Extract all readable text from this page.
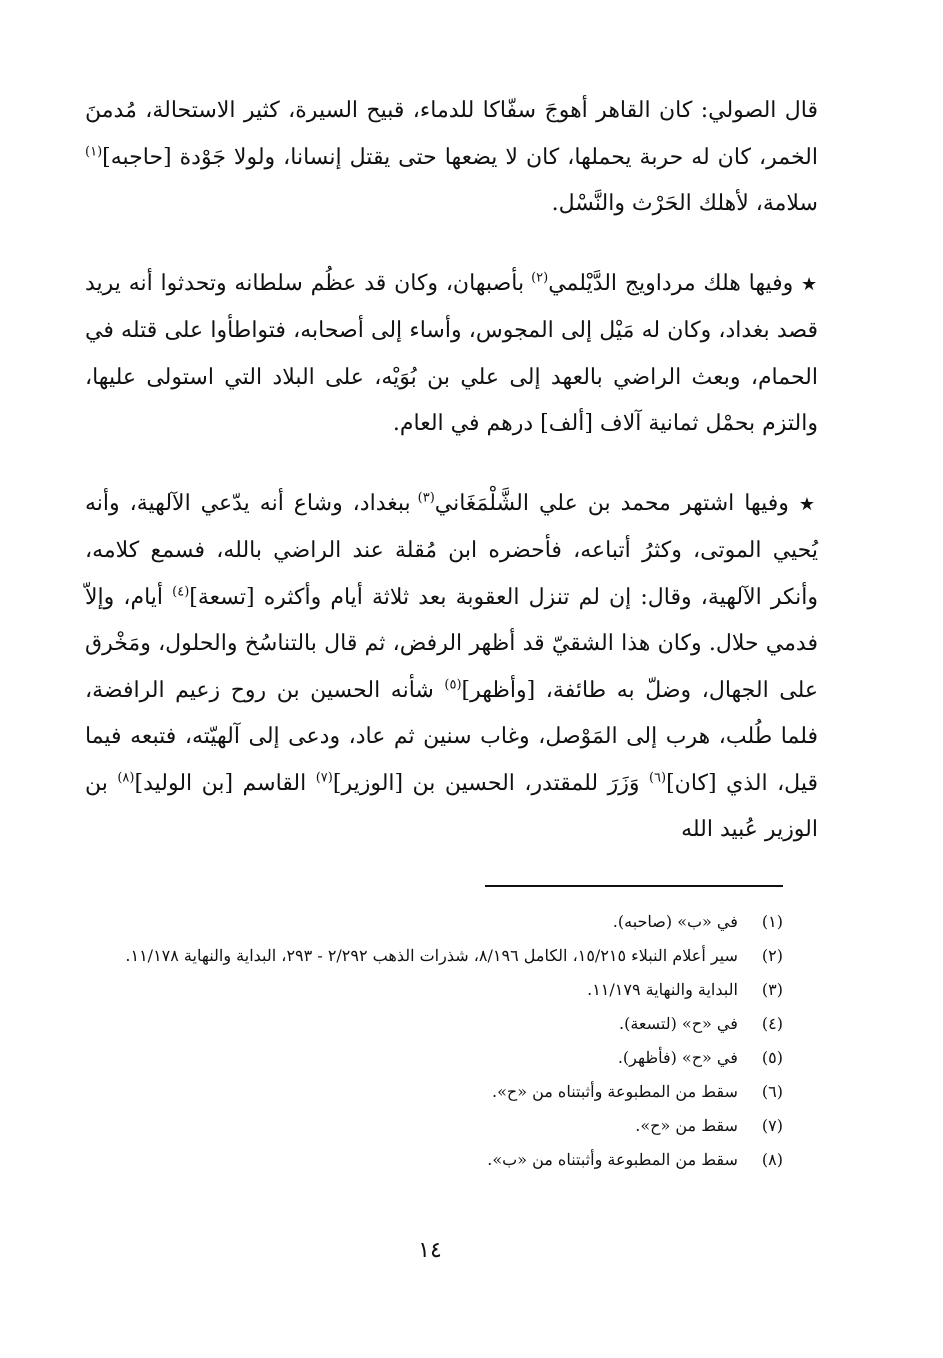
قال الصولي: كان القاهر أهوجَ سفّاكا للدماء، قبيح السيرة، كثير الاستحالة، مُدمنَ الخمر، كان له حربة يحملها، كان لا يضعها حتى يقتل إنسانا، ولولا جَوْدة [حاجبه]$^{(١)}$ سلامة، لأهلك الحَرْث والنَّسْل.

★ وفيها هلك مرداويج الدَّيْلمي$^{(٢)}$ بأصبهان، وكان قد عظُم سلطانه وتحدثوا أنه يريد قصد بغداد، وكان له مَيْل إلى المجوس، وأساء إلى أصحابه، فتواطأوا على قتله في الحمام، وبعث الراضي بالعهد إلى علي بن بُوَيْه، على البلاد التي استولى عليها، والتزم بحمْل ثمانية آلاف [ألف] درهم في العام.

★ وفيها اشتهر محمد بن علي الشَّلْمَغَاني$^{(٣)}$ ببغداد، وشاع أنه يدّعي الآلهية، وأنه يُحيي الموتى، وكثرُ أتباعه، فأحضره ابن مُقلة عند الراضي بالله، فسمع كلامه، وأنكر الآلهية، وقال: إن لم تنزل العقوبة بعد ثلاثة أيام وأكثره [تسعة]$^{(٤)}$ أيام، وإلاّ فدمي حلال. وكان هذا الشقيّ قد أظهر الرفض، ثم قال بالتناسُخ والحلول، ومَخْرق على الجهال، وضلّ به طائفة، [وأظهر]$^{(٥)}$ شأنه الحسين بن روح زعيم الرافضة، فلما طُلب، هرب إلى المَوْصل، وغاب سنين ثم عاد، ودعى إلى آلهيّته، فتبعه فيما قيل، الذي [كان]$^{(٦)}$ وَزَرَ للمقتدر، الحسين بن [الوزير]$^{(٧)}$ القاسم [بن الوليد]$^{(٨)}$ بن الوزير عُبيد الله

(١) في «ب» (صاحبه).
(٢) سير أعلام النبلاء ١٥/٢١٥، الكامل ٨/١٩٦، شذرات الذهب ٢/٢٩٢ - ٢٩٣، البداية والنهاية ١١/١٧٨.
(٣) البداية والنهاية ١١/١٧٩.
(٤) في «ح» (لتسعة).
(٥) في «ح» (فأظهر).
(٦) سقط من المطبوعة وأثبتناه من «ح».
(٧) سقط من «ح».
(٨) سقط من المطبوعة وأثبتناه من «ب».
١٤
